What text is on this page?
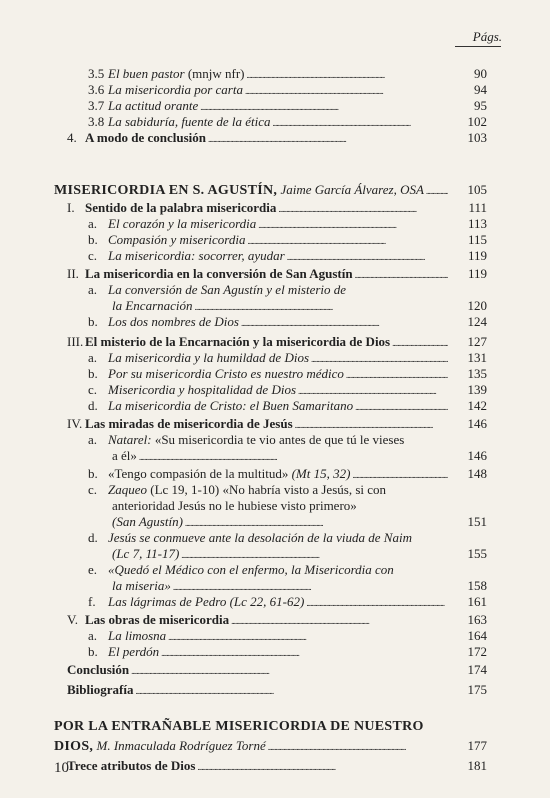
Págs.
3.5 El buen pastor (mnjw nfr)	90
. . .
3.6 La misericordia por carta	94
. . .
3.7 La actitud orante	95
. . .
3.8 La sabiduría, fuente de la ética	102
. . .
4. A modo de conclusión	103
. . .
MISERICORDIA EN S. AGUSTÍN, Jaime García Álvarez, OSA	105
. . .
I. Sentido de la palabra misericordia	111
. . .
a. El corazón y la misericordia	113
. . .
b. Compasión y misericordia	115
. . .
c. La misericordia: socorrer, ayudar	119
. . .
II. La misericordia en la conversión de San Agustín	119
. . .
a. La conversión de San Agustín y el misterio de
la Encarnación	120
. . .
b. Los dos nombres de Dios	124
. . .
III. El misterio de la Encarnación y la misericordia de Dios	127
. . .
a. La misericordia y la humildad de Dios	131
. . .
b. Por su misericordia Cristo es nuestro médico	135
. . .
c. Misericordia y hospitalidad de Dios	139
. . .
d. La misericordia de Cristo: el Buen Samaritano	142
. . .
IV. Las miradas de misericordia de Jesús	146
. . .
a. Natarel: «Su misericordia te vio antes de que tú le vieses
a él»	146
. . .
b. «Tengo compasión de la multitud» (Mt 15, 32)	148
. . .
c. Zaqueo (Lc 19, 1-10) «No habría visto a Jesús, si con
anterioridad Jesús no le hubiese visto primero»
(San Agustín)	151
. . .
d. Jesús se conmueve ante la desolación de la viuda de Naim
(Lc 7, 11-17)	155
. . .
e. «Quedó el Médico con el enfermo, la Misericordia con
la miseria»	158
. . .
f. Las lágrimas de Pedro (Lc 22, 61-62)	161
. . .
V. Las obras de misericordia	163
. . .
a. La limosna	164
. . .
b. El perdón	172
. . .
Conclusión	174
. . .
Bibliografía	175
. . .
POR LA ENTRAÑABLE MISERICORDIA DE NUESTRO
DIOS, M. Inmaculada Rodríguez Torné	177
. . .
Trece atributos de Dios	181
. . .
10
